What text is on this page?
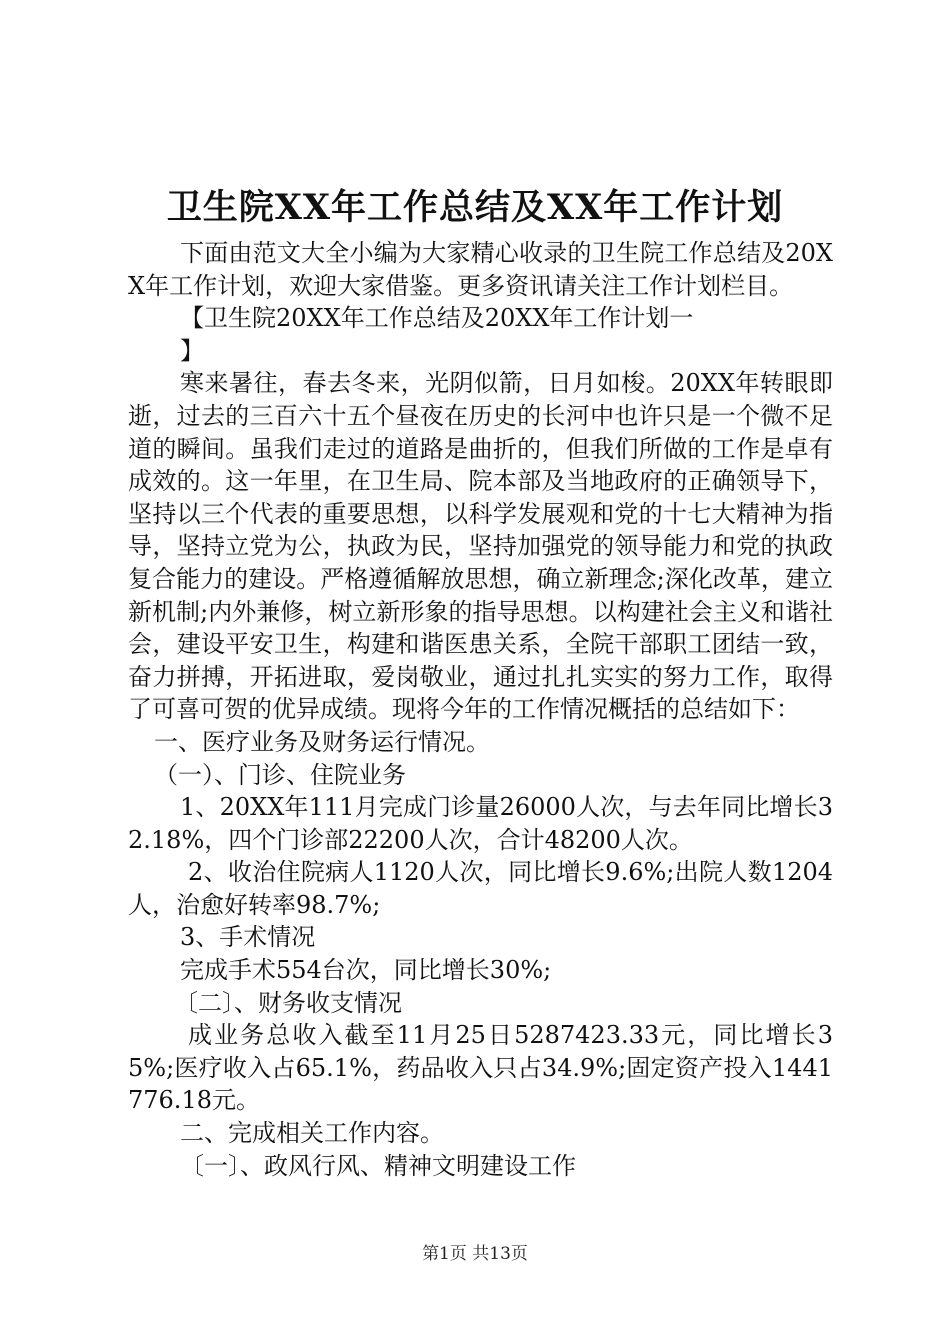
卫生院XX年工作总结及XX年工作计划

下面由范文大全小编为大家精心收录的卫生院工作总结及20XX年工作计划，欢迎大家借鉴。更多资讯请关注工作计划栏目。

【卫生院20XX年工作总结及20XX年工作计划一

】

寒来暑往，春去冬来，光阴似箭，日月如梭。20XX年转眼即逝，过去的三百六十五个昼夜在历史的长河中也许只是一个微不足道的瞬间。虽我们走过的道路是曲折的，但我们所做的工作是卓有成效的。这一年里，在卫生局、院本部及当地政府的正确领导下，坚持以三个代表的重要思想，以科学发展观和党的十七大精神为指导，坚持立党为公，执政为民，坚持加强党的领导能力和党的执政复合能力的建设。严格遵循解放思想，确立新理念;深化改革，建立新机制;内外兼修，树立新形象的指导思想。以构建社会主义和谐社会，建设平安卫生，构建和谐医患关系，全院干部职工团结一致，奋力拼搏，开拓进取，爱岗敬业，通过扎扎实实的努力工作，取得了可喜可贺的优异成绩。现将今年的工作情况概括的总结如下：

一、医疗业务及财务运行情况。

（一）、门诊、住院业务

1、20XX年111月完成门诊量26000人次，与去年同比增长32.18%，四个门诊部22200人次，合计48200人次。

2、收治住院病人1120人次，同比增长9.6%;出院人数1204人，治愈好转率98.7%;

3、手术情况

完成手术554台次，同比增长30%;

〔二〕、财务收支情况

成业务总收入截至11月25日5287423.33元，同比增长35%;医疗收入占65.1%，药品收入只占34.9%;固定资产投入1441776.18元。

二、完成相关工作内容。

〔一〕、政风行风、精神文明建设工作

第1页 共13页
